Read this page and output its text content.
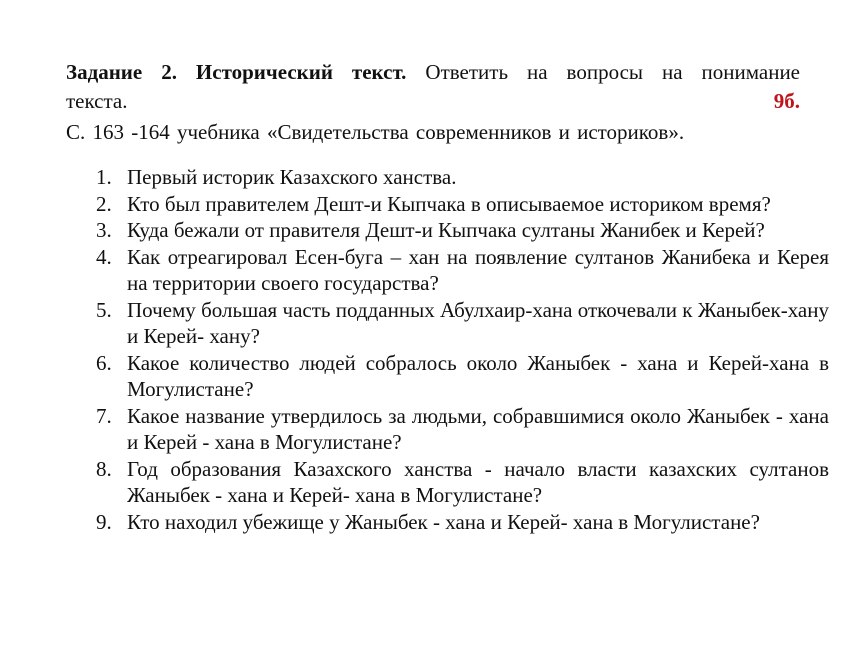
Задание 2. Исторический текст. Ответить на вопросы на понимание

текста.	9б.

С. 163 -164 учебника «Свидетельства современников и историков».

1. Первый историк Казахского ханства.
2. Кто был правителем Дешт-и Кыпчака в описываемое историком время?
3. Куда бежали от правителя Дешт-и Кыпчака султаны Жанибек и Керей?
4. Как отреагировал Есен-буга – хан на появление султанов Жанибека и Керея на территории своего государства?
5. Почему большая часть подданных Абулхаир-хана откочевали к Жаныбек-хану и Керей- хану?
6. Какое количество людей собралось около Жаныбек - хана и Керей-хана в Могулистане?
7. Какое название утвердилось за людьми, собравшимися около Жаныбек - хана и Керей - хана в Могулистане?
8. Год образования Казахского ханства - начало власти казахских султанов Жаныбек - хана и Керей- хана в Могулистане?
9. Кто находил убежище у Жаныбек - хана и Керей- хана в Могулистане?
